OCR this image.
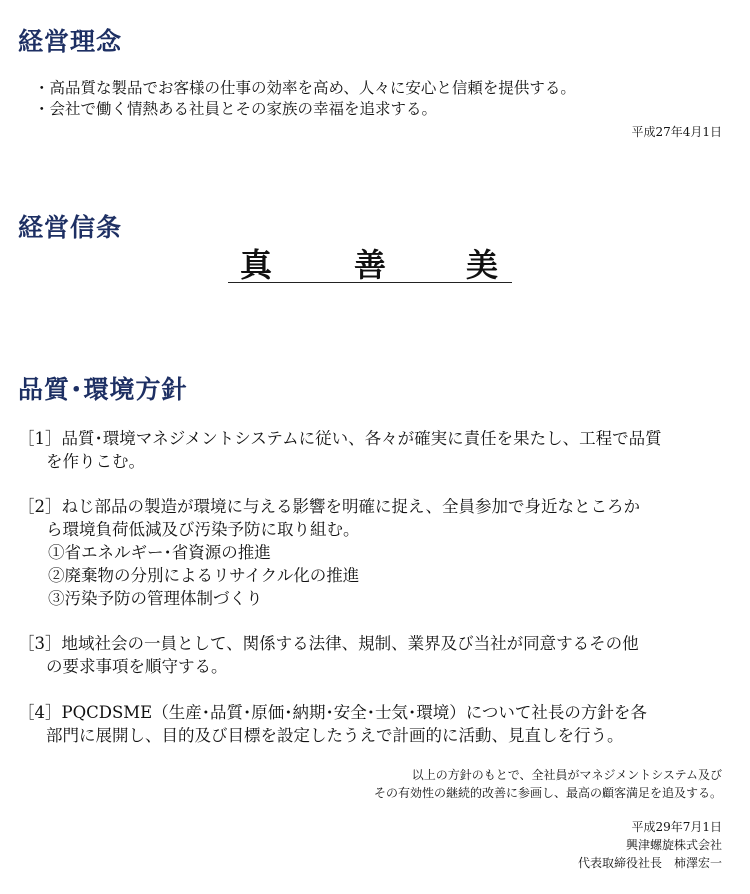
経営理念
・高品質な製品でお客様の仕事の効率を高め、人々に安心と信頼を提供する。
・会社で働く情熱ある社員とその家族の幸福を追求する。
平成27年4月1日
経営信条
真	善 美
品質･環境方針
［1］品質･環境マネジメントシステムに従い、各々が確実に責任を果たし、工程で品質
を作りこむ。
［2］ねじ部品の製造が環境に与える影響を明確に捉え、全員参加で身近なところか
ら環境負荷低減及び汚染予防に取り組む。
①省エネルギー･省資源の推進
②廃棄物の分別によるリサイクル化の推進
③汚染予防の管理体制づくり
［3］地域社会の一員として、関係する法律、規制、業界及び当社が同意するその他
の要求事項を順守する。
［4］PQCDSME（生産･品質･原価･納期･安全･士気･環境）について社長の方針を各
部門に展開し、目的及び目標を設定したうえで計画的に活動、見直しを行う。
以上の方針のもとで、全社員がマネジメントシステム及び
その有効性の継続的改善に参画し、最高の顧客満足を追及する。
平成29年7月1日
興津螺旋株式会社
代表取締役社長　柿澤宏一
